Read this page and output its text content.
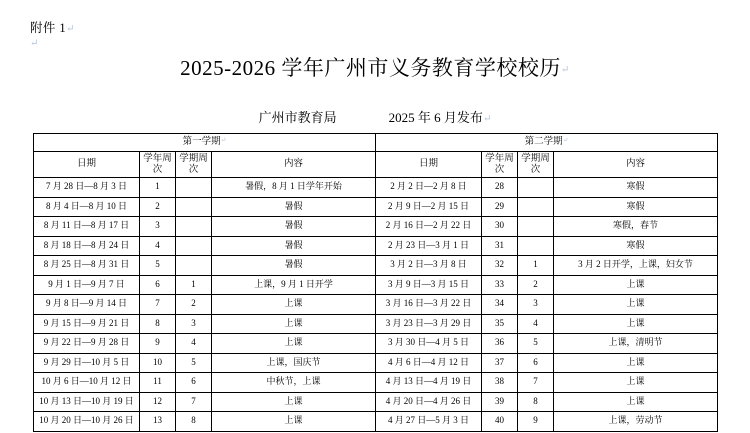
附件 1↵
↵
2025-2026 学年广州市义务教育学校校历↵
广州市教育局	2025 年 6 月发布↵
第一学期↵				第二学期↵
日期	学年周次	学期周次	内容	日期	学年周次	学期周次	内容
7 月 28 日—8 月 3 日	1		暑假，8 月 1 日学年开始	2 月 2 日—2 月 8 日	28		寒假
8 月 4 日—8 月 10 日	2		暑假	2 月 9 日—2 月 15 日	29		寒假
8 月 11 日—8 月 17 日	3		暑假	2 月 16 日—2 月 22 日	30		寒假，春节
8 月 18 日—8 月 24 日	4		暑假	2 月 23 日—3 月 1 日	31		寒假
8 月 25 日—8 月 31 日	5		暑假	3 月 2 日—3 月 8 日	32	1	3 月 2 日开学，上课，妇女节
9 月 1 日—9 月 7 日	6	1	上课，9 月 1 日开学	3 月 9 日—3 月 15 日	33	2	上课
9 月 8 日—9 月 14 日	7	2	上课	3 月 16 日—3 月 22 日	34	3	上课
9 月 15 日—9 月 21 日	8	3	上课	3 月 23 日—3 月 29 日	35	4	上课
9 月 22 日—9 月 28 日	9	4	上课	3 月 30 日—4 月 5 日	36	5	上课，清明节
9 月 29 日—10 月 5 日	10	5	上课，国庆节	4 月 6 日—4 月 12 日	37	6	上课
10 月 6 日—10 月 12 日	11	6	中秋节，上课	4 月 13 日—4 月 19 日	38	7	上课
10 月 13 日—10 月 19 日	12	7	上课	4 月 20 日—4 月 26 日	39	8	上课
10 月 20 日—10 月 26 日	13	8	上课	4 月 27 日—5 月 3 日	40	9	上课，劳动节
